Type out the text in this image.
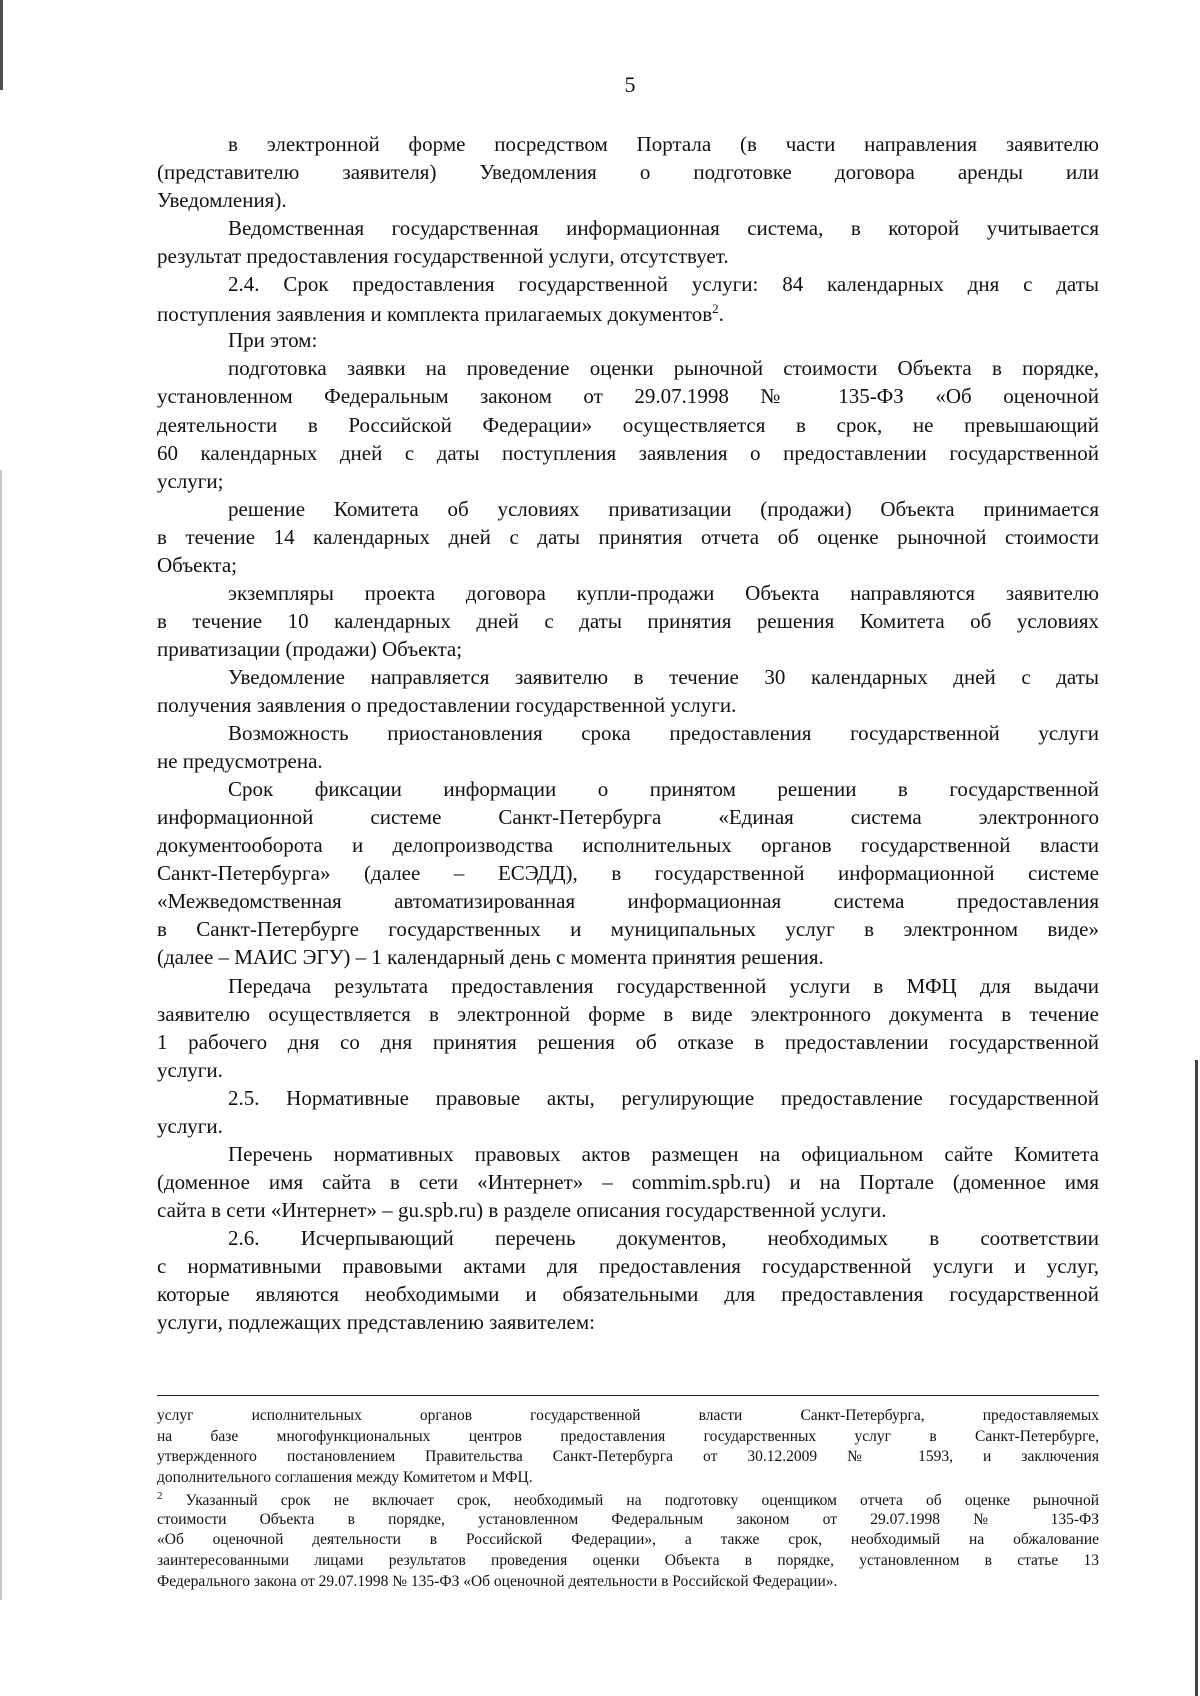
5
в электронной форме посредством Портала (в части направления заявителю
(представителю заявителя) Уведомления о подготовке договора аренды или
Уведомления).
Ведомственная государственная информационная система, в которой учитывается
результат предоставления государственной услуги, отсутствует.
2.4. Срок предоставления государственной услуги: 84 календарных дня с даты
поступления заявления и комплекта прилагаемых документов$^2$.
При этом:
подготовка заявки на проведение оценки рыночной стоимости Объекта в порядке,
установленном Федеральным законом от 29.07.1998 № 135-ФЗ «Об оценочной
деятельности в Российской Федерации» осуществляется в срок, не превышающий
60 календарных дней с даты поступления заявления о предоставлении государственной
услуги;
решение Комитета об условиях приватизации (продажи) Объекта принимается
в течение 14 календарных дней с даты принятия отчета об оценке рыночной стоимости
Объекта;
экземпляры проекта договора купли-продажи Объекта направляются заявителю
в течение 10 календарных дней с даты принятия решения Комитета об условиях
приватизации (продажи) Объекта;
Уведомление направляется заявителю в течение 30 календарных дней с даты
получения заявления о предоставлении государственной услуги.
Возможность приостановления срока предоставления государственной услуги
не предусмотрена.
Срок фиксации информации о принятом решении в государственной
информационной системе Санкт-Петербурга «Единая система электронного
документооборота и делопроизводства исполнительных органов государственной власти
Санкт-Петербурга» (далее – ЕСЭДД), в государственной информационной системе
«Межведомственная автоматизированная информационная система предоставления
в Санкт-Петербурге государственных и муниципальных услуг в электронном виде»
(далее – МАИС ЭГУ) – 1 календарный день с момента принятия решения.
Передача результата предоставления государственной услуги в МФЦ для выдачи
заявителю осуществляется в электронной форме в виде электронного документа в течение
1 рабочего дня со дня принятия решения об отказе в предоставлении государственной
услуги.
2.5. Нормативные правовые акты, регулирующие предоставление государственной
услуги.
Перечень нормативных правовых актов размещен на официальном сайте Комитета
(доменное имя сайта в сети «Интернет» – commim.spb.ru) и на Портале (доменное имя
сайта в сети «Интернет» – gu.spb.ru) в разделе описания государственной услуги.
2.6. Исчерпывающий перечень документов, необходимых в соответствии
с нормативными правовыми актами для предоставления государственной услуги и услуг,
которые являются необходимыми и обязательными для предоставления государственной
услуги, подлежащих представлению заявителем:
услуг исполнительных органов государственной власти Санкт-Петербурга, предоставляемых
на базе многофункциональных центров предоставления государственных услуг в Санкт-Петербурге,
утвержденного постановлением Правительства Санкт-Петербурга от 30.12.2009 № 1593, и заключения
дополнительного соглашения между Комитетом и МФЦ.
$^2$ Указанный срок не включает срок, необходимый на подготовку оценщиком отчета об оценке рыночной
стоимости Объекта в порядке, установленном Федеральным законом от 29.07.1998 № 135-ФЗ
«Об оценочной деятельности в Российской Федерации», а также срок, необходимый на обжалование
заинтересованными лицами результатов проведения оценки Объекта в порядке, установленном в статье 13
Федерального закона от 29.07.1998 № 135-ФЗ «Об оценочной деятельности в Российской Федерации».
